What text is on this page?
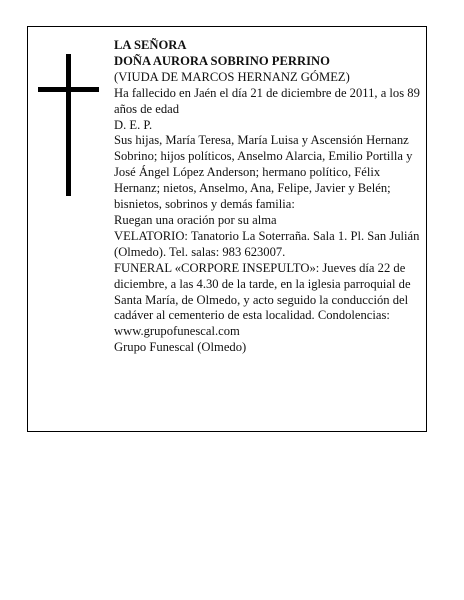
LA SEÑORA

DOÑA AURORA SOBRINO PERRINO

(VIUDA DE MARCOS HERNANZ GÓMEZ)

Ha fallecido en Jaén el día 21 de diciembre de 2011, a los 89 años de edad

D. E. P.

Sus hijas, María Teresa, María Luisa y Ascensión Hernanz Sobrino; hijos políticos, Anselmo Alarcia, Emilio Portilla y José Ángel López Anderson; hermano político, Félix Hernanz; nietos, Anselmo, Ana, Felipe, Javier y Belén; bisnietos, sobrinos y demás familia:

Ruegan una oración por su alma

VELATORIO: Tanatorio La Soterraña. Sala 1. Pl. San Julián (Olmedo). Tel. salas: 983 623007.

FUNERAL «CORPORE INSEPULTO»: Jueves día 22 de diciembre, a las 4.30 de la tarde, en la iglesia parroquial de Santa María, de Olmedo, y acto seguido la conducción del cadáver al cementerio de esta localidad. Condolencias: www.grupofunescal.com

Grupo Funescal (Olmedo)
